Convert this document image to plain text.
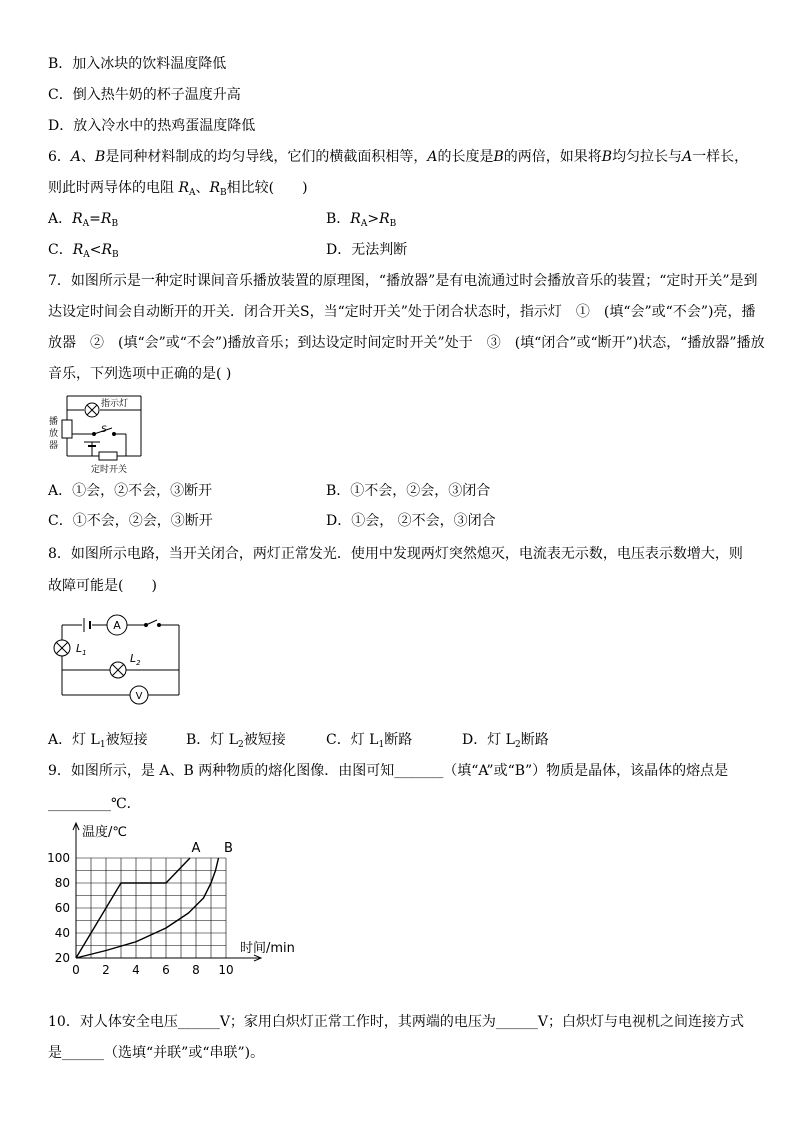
B．加入冰块的饮料温度降低
C．倒入热牛奶的杯子温度升高
D．放入冷水中的热鸡蛋温度降低
6．A、B是同种材料制成的均匀导线，它们的横截面积相等，A的长度是B的两倍，如果将B均匀拉长与A一样长，
则此时两导体的电阻 $R_A$、$R_B$相比较(　　)
A．$R_A=R_B$	B．$R_A>R_B$
C．$R_A<R_B$	D．无法判断
7．如图所示是一种定时课间音乐播放装置的原理图，“播放器”是有电流通过时会播放音乐的装置；“定时开关”是到
达设定时间会自动断开的开关．闭合开关S，当“定时开关”处于闭合状态时，指示灯　①　(填“会”或“不会”)亮，播
放器　②　(填“会”或“不会”)播放音乐；到达设定时间定时开关”处于　③　(填“闭合”或“断开”)状态，“播放器”播放
音乐，下列选项中正确的是( )
指示灯
S
播
放
器
定时开关
A．①会，②不会，③断开	B．①不会，②会，③闭合
C．①不会，②会，③断开	D．①会， ②不会，③闭合
8．如图所示电路，当开关闭合，两灯正常发光．使用中发现两灯突然熄灭，电流表无示数，电压表示数增大，则
故障可能是(　　)
A
V
$L_1$	$L_2$
A．灯 $L_1$被短接	B．灯 $L_2$被短接	C．灯 $L_1$断路	D．灯 $L_2$断路
9．如图所示，是 A、B 两种物质的熔化图像．由图可知_______（填“A”或“B”）物质是晶体，该晶体的熔点是
_________℃．
0 2 4 6 8 10
20
40
60
80
100
温度/℃
时间/min
A B
10．对人体安全电压______V；家用白炽灯正常工作时，其两端的电压为______V；白炽灯与电视机之间连接方式
是______（选填“并联”或“串联”)。
